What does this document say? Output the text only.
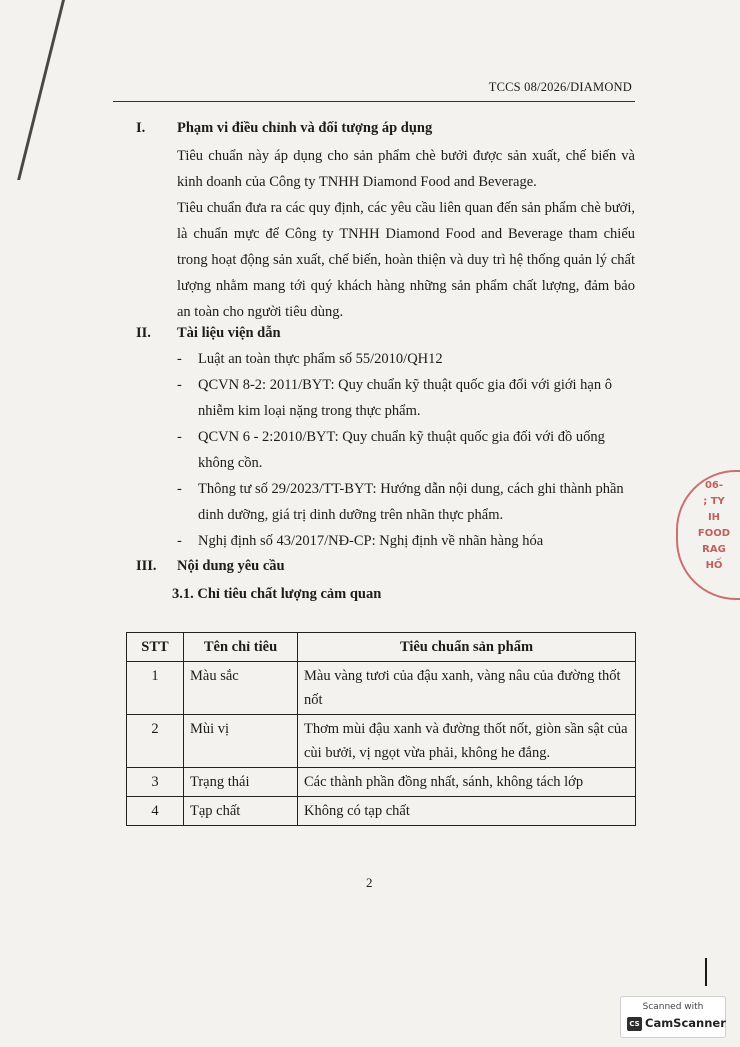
TCCS 08/2026/DIAMOND
I. Phạm vi điều chỉnh và đối tượng áp dụng
Tiêu chuẩn này áp dụng cho sản phẩm chè bưởi được sản xuất, chế biến và kinh doanh của Công ty TNHH Diamond Food and Beverage.
Tiêu chuẩn đưa ra các quy định, các yêu cầu liên quan đến sản phẩm chè bưởi, là chuẩn mực để Công ty TNHH Diamond Food and Beverage tham chiếu trong hoạt động sản xuất, chế biến, hoàn thiện và duy trì hệ thống quản lý chất lượng nhằm mang tới quý khách hàng những sản phẩm chất lượng, đảm bảo an toàn cho người tiêu dùng.
II. Tài liệu viện dẫn
- Luật an toàn thực phẩm số 55/2010/QH12
- QCVN 8-2: 2011/BYT: Quy chuẩn kỹ thuật quốc gia đối với giới hạn ô nhiễm kim loại nặng trong thực phẩm.
- QCVN 6 - 2:2010/BYT: Quy chuẩn kỹ thuật quốc gia đối với đồ uống không cồn.
- Thông tư số 29/2023/TT-BYT: Hướng dẫn nội dung, cách ghi thành phần dinh dưỡng, giá trị dinh dưỡng trên nhãn thực phẩm.
- Nghị định số 43/2017/NĐ-CP: Nghị định về nhãn hàng hóa
III. Nội dung yêu cầu
3.1. Chỉ tiêu chất lượng cảm quan
STT	Tên chỉ tiêu	Tiêu chuẩn sản phẩm
1	Màu sắc	Màu vàng tươi của đậu xanh, vàng nâu của đường thốt nốt
2	Mùi vị	Thơm mùi đậu xanh và đường thốt nốt, giòn sần sật của cùi bưởi, vị ngọt vừa phải, không he đắng.
3	Trạng thái	Các thành phần đồng nhất, sánh, không tách lớp
4	Tạp chất	Không có tạp chất
2
06-
; TY
IH
FOOD
RAG
HỐ
Scanned with
CS CamScanner
